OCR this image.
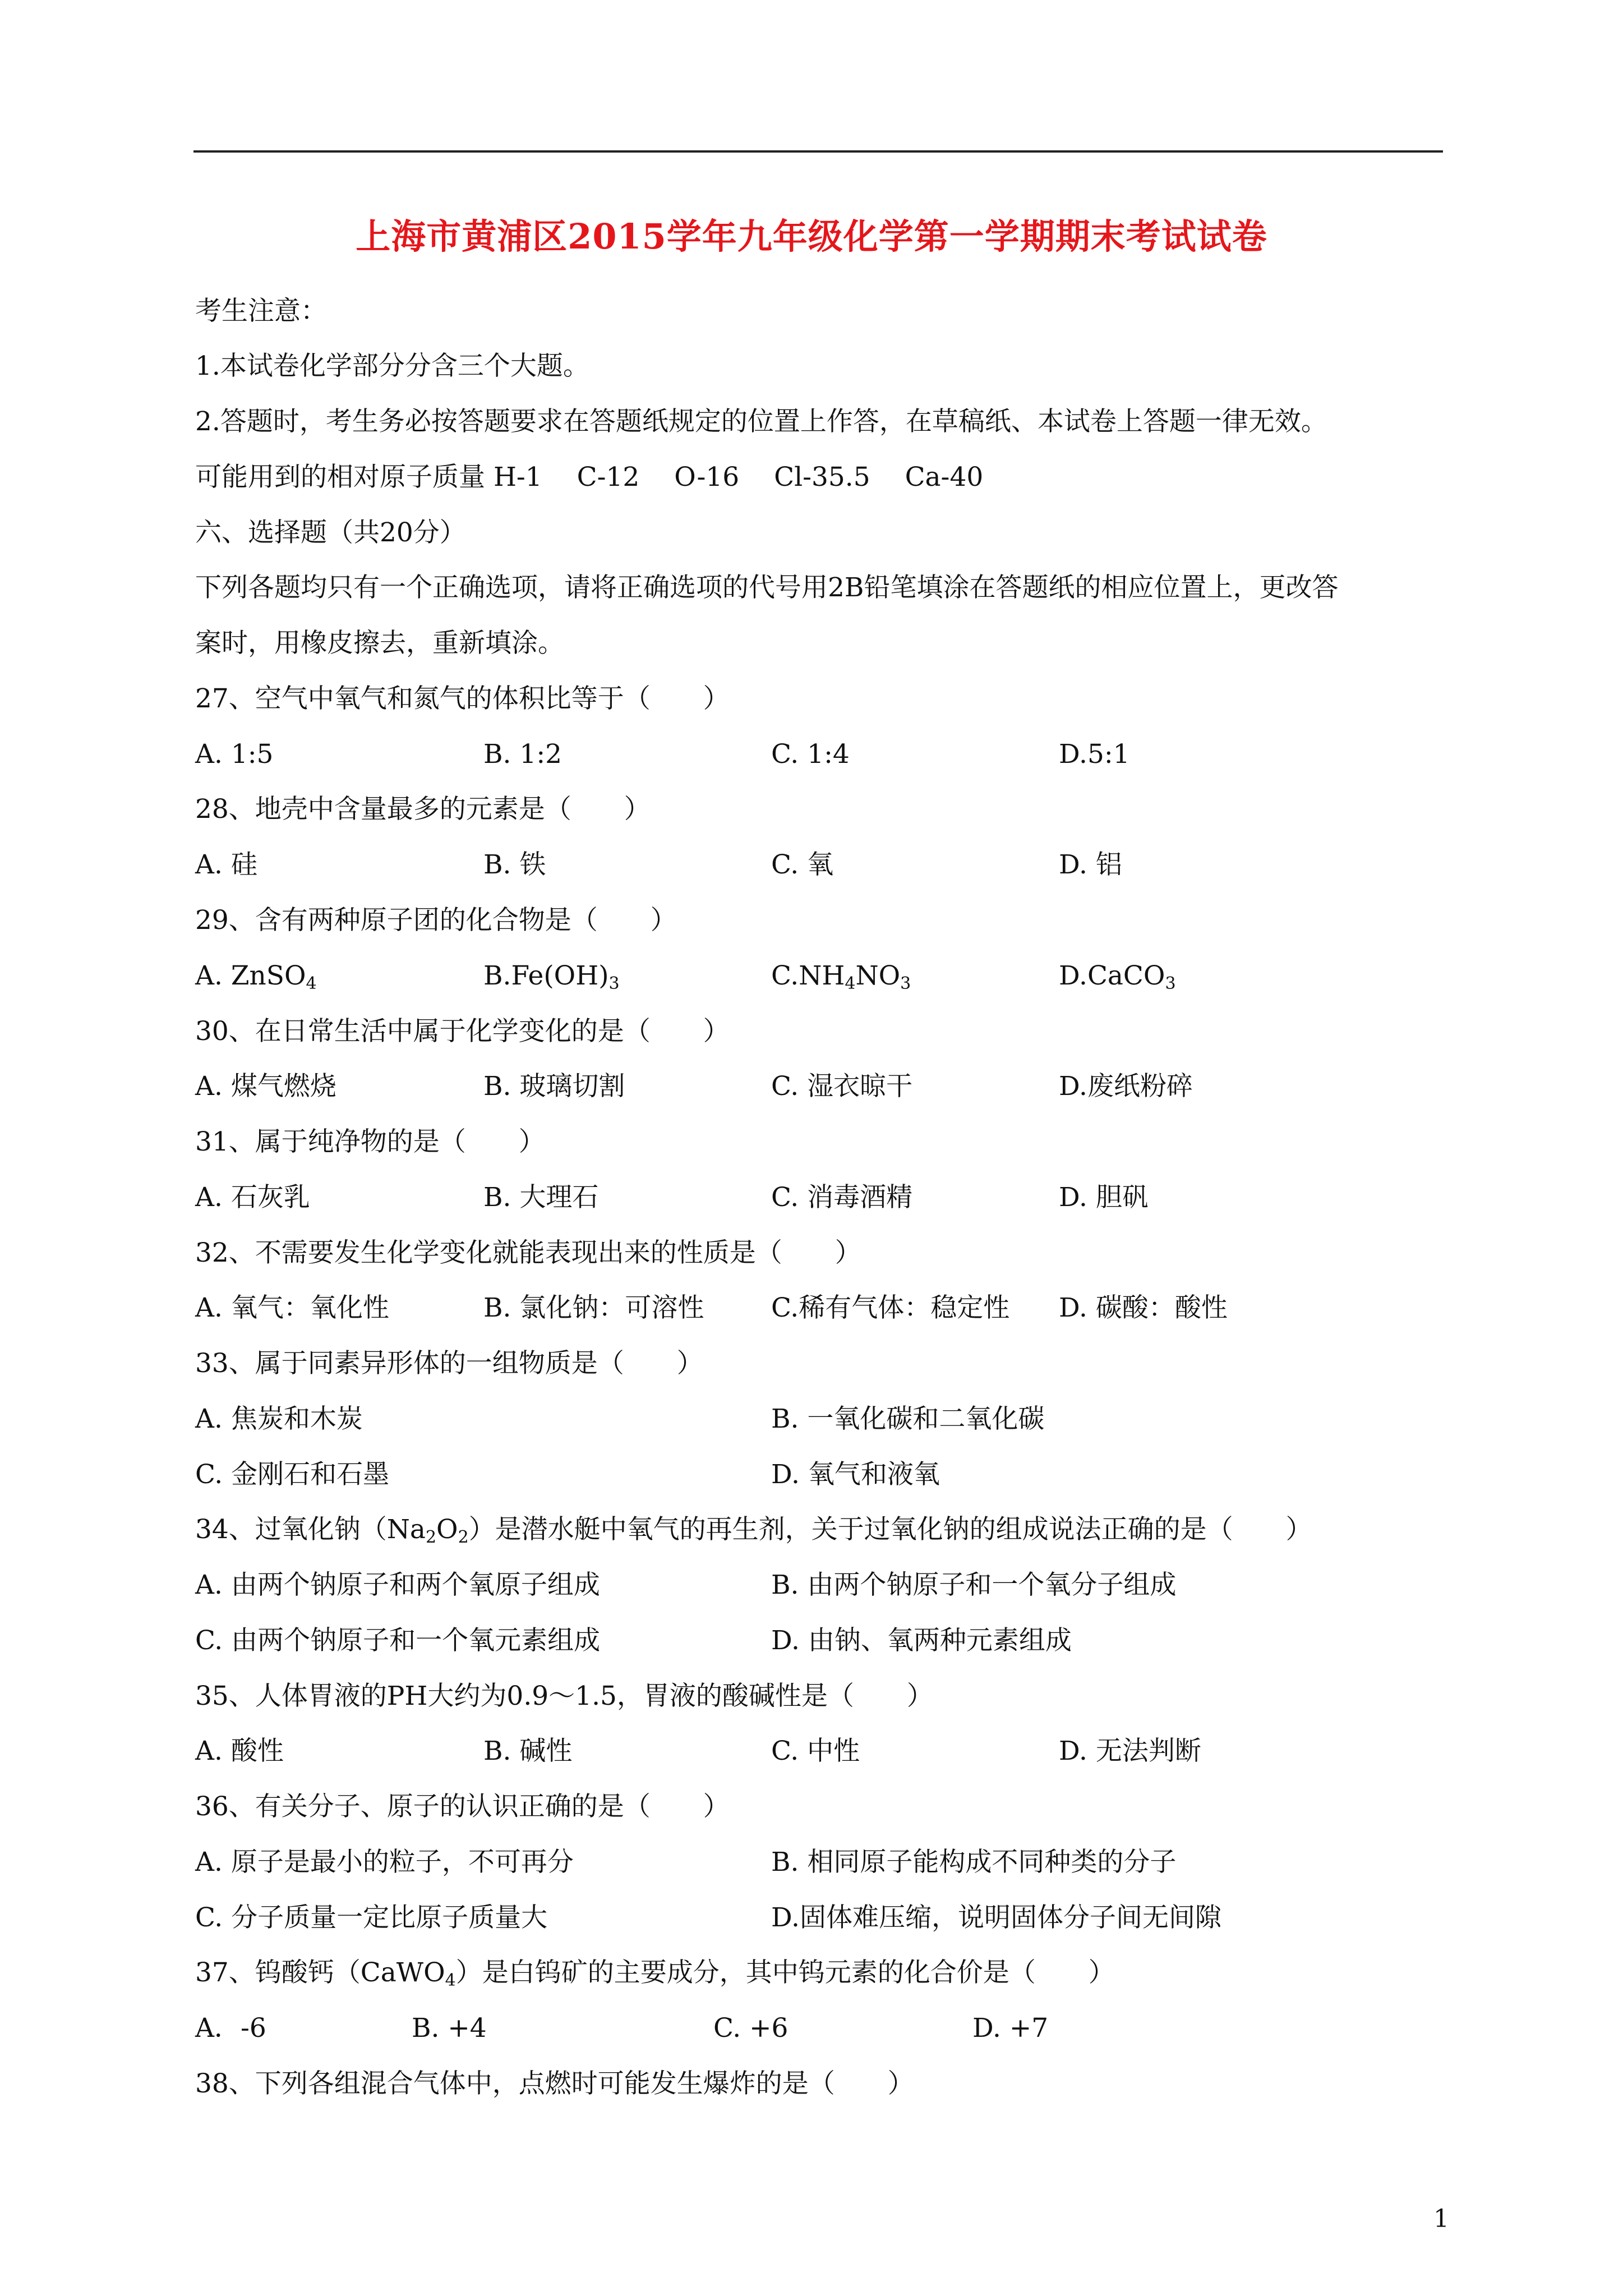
上海市黄浦区2015学年九年级化学第一学期期末考试试卷
考生注意：
1.本试卷化学部分分含三个大题。
2.答题时，考生务必按答题要求在答题纸规定的位置上作答，在草稿纸、本试卷上答题一律无效。
可能用到的相对原子质量 H-1　 C-12　 O-16　 Cl-35.5　 Ca-40
六、选择题（共20分）
下列各题均只有一个正确选项，请将正确选项的代号用2B铅笔填涂在答题纸的相应位置上，更改答
案时，用橡皮擦去，重新填涂。
27、空气中氧气和氮气的体积比等于（　　）
A. 1:5	B. 1:2	C. 1:4	D.5:1
28、地壳中含量最多的元素是（　　）
A. 硅	B. 铁	C. 氧	D. 铝
29、含有两种原子团的化合物是（　　）
A. ZnSO$_4$	$B.Fe(OH)_3$	$C.NH_4NO_3$	D.CaCO$_3$
30、在日常生活中属于化学变化的是（　　）
A. 煤气燃烧	B. 玻璃切割	C. 湿衣晾干	D.废纸粉碎
31、属于纯净物的是（　　）
A. 石灰乳	B. 大理石	C. 消毒酒精	D. 胆矾
32、不需要发生化学变化就能表现出来的性质是（　　）
A. 氧气：氧化性	B. 氯化钠：可溶性	C.稀有气体：稳定性 D. 碳酸：酸性
33、属于同素异形体的一组物质是（　　）
A. 焦炭和木炭	B. 一氧化碳和二氧化碳
C. 金刚石和石墨	D. 氧气和液氧
34、过氧化钠$(Na_2O_2)$是潜水艇中氧气的再生剂，关于过氧化钠的组成说法正确的是（　　）
A. 由两个钠原子和两个氧原子组成	B. 由两个钠原子和一个氧分子组成
C. 由两个钠原子和一个氧元素组成	D. 由钠、氧两种元素组成
35、人体胃液的PH大约为0.9～1.5，胃液的酸碱性是（　　）
A. 酸性	B. 碱性	C. 中性	D. 无法判断
36、有关分子、原子的认识正确的是（　　）
A. 原子是最小的粒子，不可再分	B. 相同原子能构成不同种类的分子
C. 分子质量一定比原子质量大	D.固体难压缩，说明固体分子间无间隙
37、钨酸钙（CaWO$_4$）是白钨矿的主要成分，其中钨元素的化合价是（　　）
A．-6	B. +4	C. +6	D. +7
38、下列各组混合气体中，点燃时可能发生爆炸的是（　　）
1
